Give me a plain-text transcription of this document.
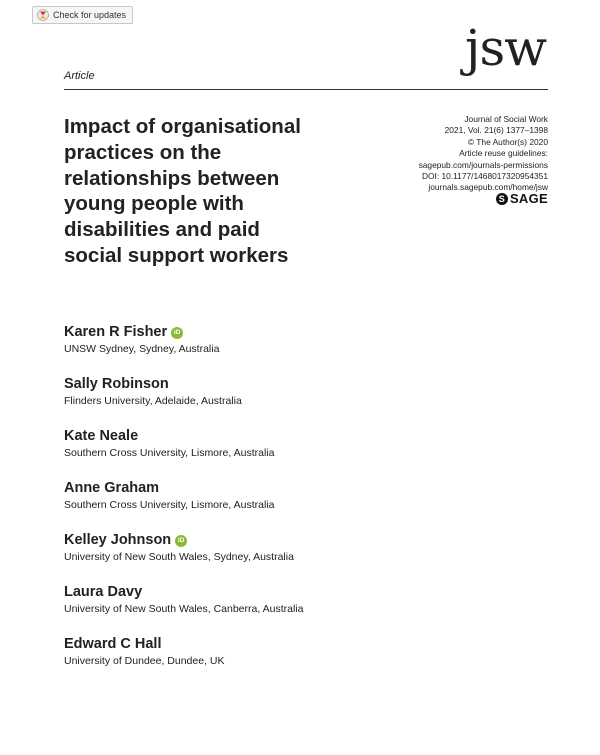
Check for updates
jsw
Article
Impact of organisational
practices on the
relationships between
young people with
disabilities and paid
social support workers
Journal of Social Work
2021, Vol. 21(6) 1377–1398
© The Author(s) 2020
Article reuse guidelines:
sagepub.com/journals-permissions
DOI: 10.1177/1468017320954351
journals.sagepub.com/home/jsw
S SAGE
Karen R Fisher	iD
UNSW Sydney, Sydney, Australia
Sally Robinson
Flinders University, Adelaide, Australia
Kate Neale
Southern Cross University, Lismore, Australia
Anne Graham
Southern Cross University, Lismore, Australia
Kelley Johnson	iD
University of New South Wales, Sydney, Australia
Laura Davy
University of New South Wales, Canberra, Australia
Edward C Hall
University of Dundee, Dundee, UK
